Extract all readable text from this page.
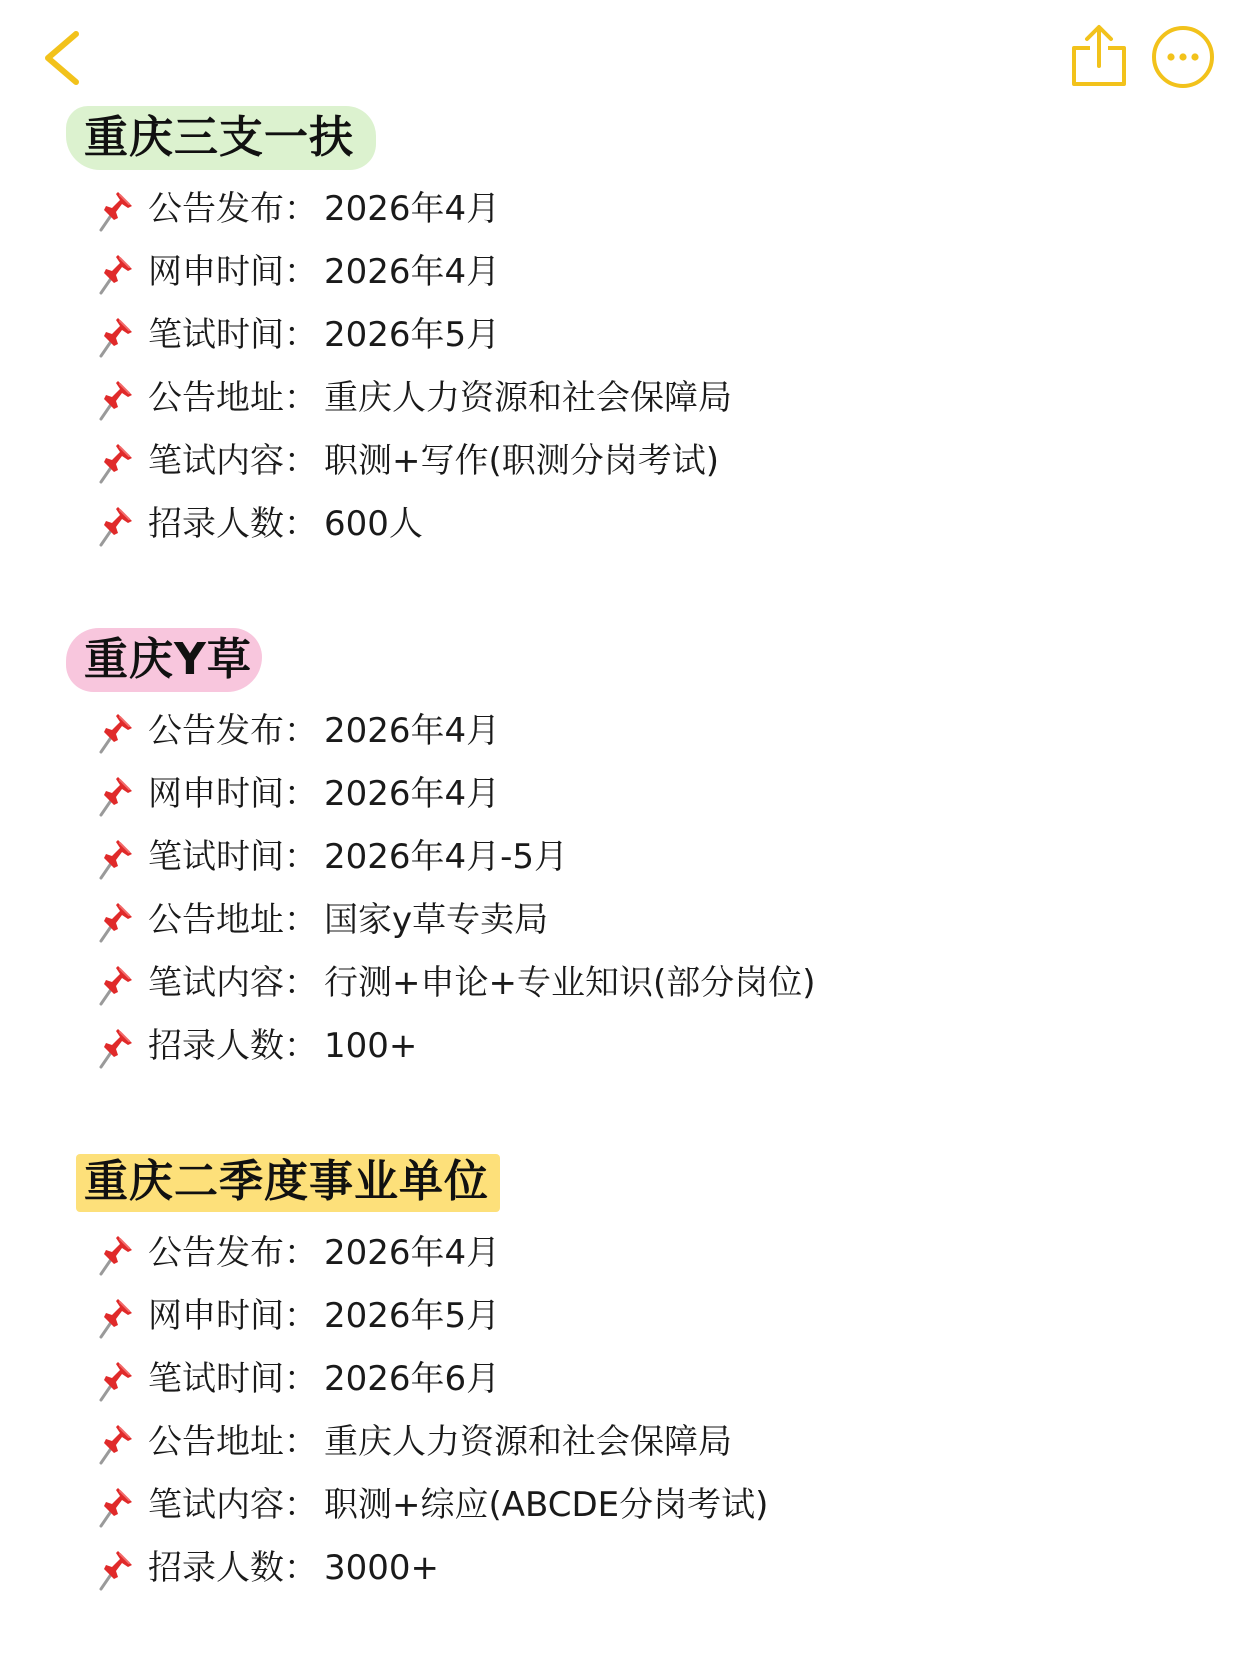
重庆三支一扶
公告发布： 2026年4月
网申时间： 2026年4月
笔试时间： 2026年5月
公告地址： 重庆人力资源和社会保障局
笔试内容： 职测+写作(职测分岗考试)
招录人数： 600人
重庆Y草
公告发布： 2026年4月
网申时间： 2026年4月
笔试时间： 2026年4月-5月
公告地址： 国家y草专卖局
笔试内容： 行测+申论+专业知识(部分岗位)
招录人数： 100+
重庆二季度事业单位
公告发布： 2026年4月
网申时间： 2026年5月
笔试时间： 2026年6月
公告地址： 重庆人力资源和社会保障局
笔试内容： 职测+综应(ABCDE分岗考试)
招录人数： 3000+
